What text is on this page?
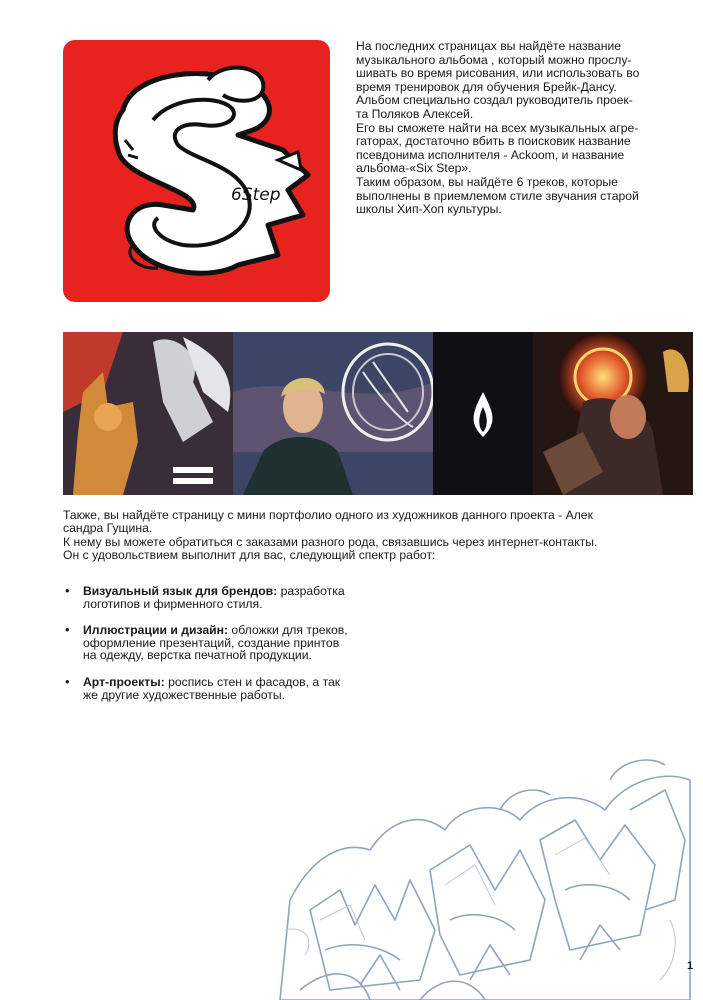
6Step
На последних страницах вы найдёте название
музыкального альбома , который можно прослу-
шивать во время рисования, или использовать во
время тренировок для обучения Брейк-Дансу.
Альбом специально создал руководитель проек-
та Поляков Алексей.
Его вы сможете найти на всех музыкальных агре-
гаторах, достаточно вбить в поисковик название
псевдонима исполнителя - Ackoom, и название
альбома-«Six Step».
Таким образом, вы найдёте 6 треков, которые
выполнены в приемлемом стиле звучания старой
школы Хип-Хоп культуры.
AXEL
Также, вы найдёте страницу с мини портфолио одного из художников данного проекта - Алек
сандра Гущина.
К нему вы можете обратиться с заказами разного рода, связавшись через интернет-контакты.
Он с удовольствием выполнит для вас, следующий спектр работ:
• Визуальный язык для брендов: разработка
логотипов и фирменного стиля.
• Иллюстрации и дизайн: обложки для треков,
оформление презентаций, создание принтов
на одежду, верстка печатной продукции.
• Арт-проекты: роспись стен и фасадов, а так
же другие художественные работы.
1
